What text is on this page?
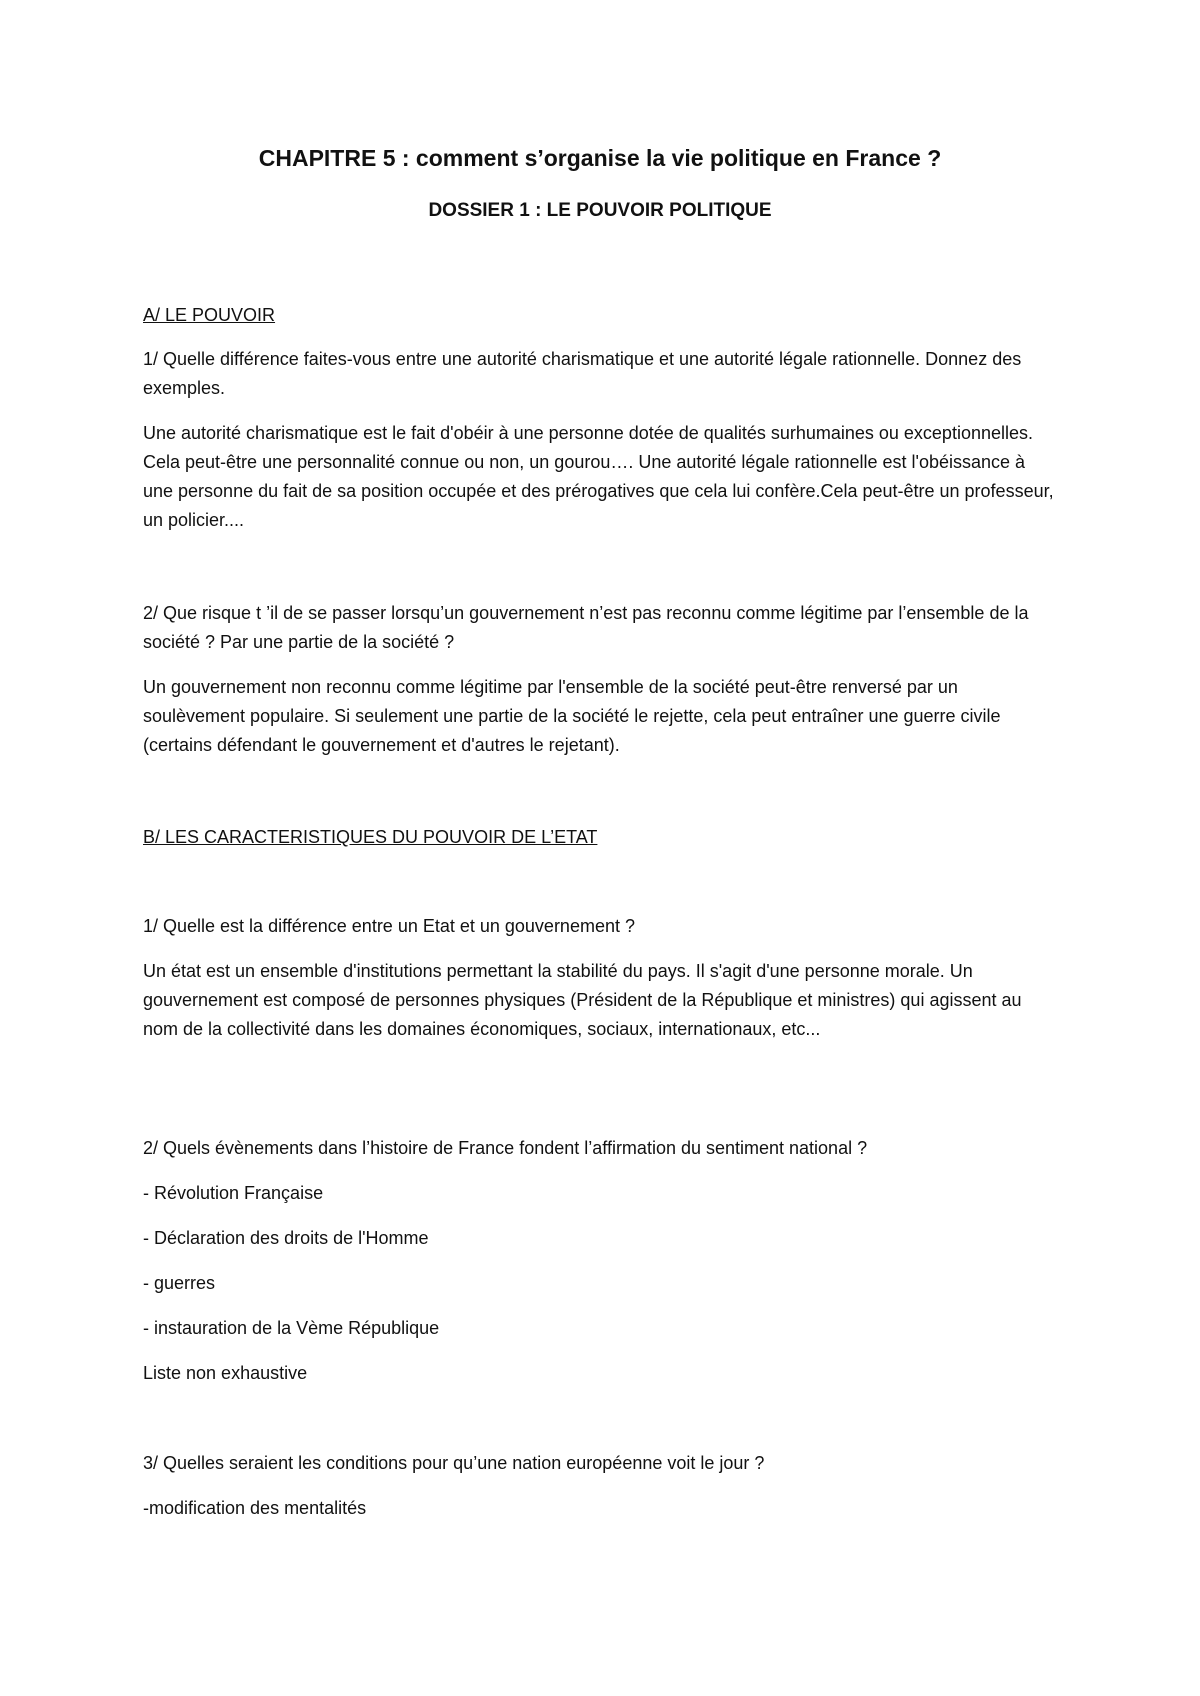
CHAPITRE 5 : comment s’organise la vie politique en France ?
DOSSIER 1 : LE POUVOIR POLITIQUE
A/ LE POUVOIR
1/ Quelle différence faites-vous entre une autorité charismatique et une autorité légale rationnelle. Donnez des exemples.
Une autorité charismatique est le fait d'obéir à une personne dotée de qualités surhumaines ou exceptionnelles. Cela peut-être une personnalité connue ou non, un gourou…. Une autorité légale rationnelle est l'obéissance à une personne du fait de sa position occupée et des prérogatives que cela lui confère.Cela peut-être un professeur, un policier....
2/ Que risque t ’il de se passer lorsqu’un gouvernement n’est pas reconnu comme légitime par l’ensemble de la société ? Par une partie de la société ?
Un gouvernement non reconnu comme légitime par l'ensemble de la société peut-être renversé par un soulèvement populaire. Si seulement une partie de la société le rejette, cela peut entraîner une guerre civile (certains défendant le gouvernement et d'autres le rejetant).
B/ LES CARACTERISTIQUES DU POUVOIR DE L’ETAT
1/ Quelle est la différence entre un Etat et un gouvernement ?
Un état est un ensemble d'institutions permettant la stabilité du pays. Il s'agit d'une personne morale. Un gouvernement est composé de personnes physiques (Président de la République et ministres) qui agissent au nom de la collectivité dans les domaines économiques, sociaux, internationaux, etc...
2/ Quels évènements dans l’histoire de France fondent l’affirmation du sentiment national ?
- Révolution Française
- Déclaration des droits de l'Homme
- guerres
- instauration de la Vème République
Liste non exhaustive
3/ Quelles seraient les conditions pour qu’une nation européenne voit le jour ?
-modification des mentalités
